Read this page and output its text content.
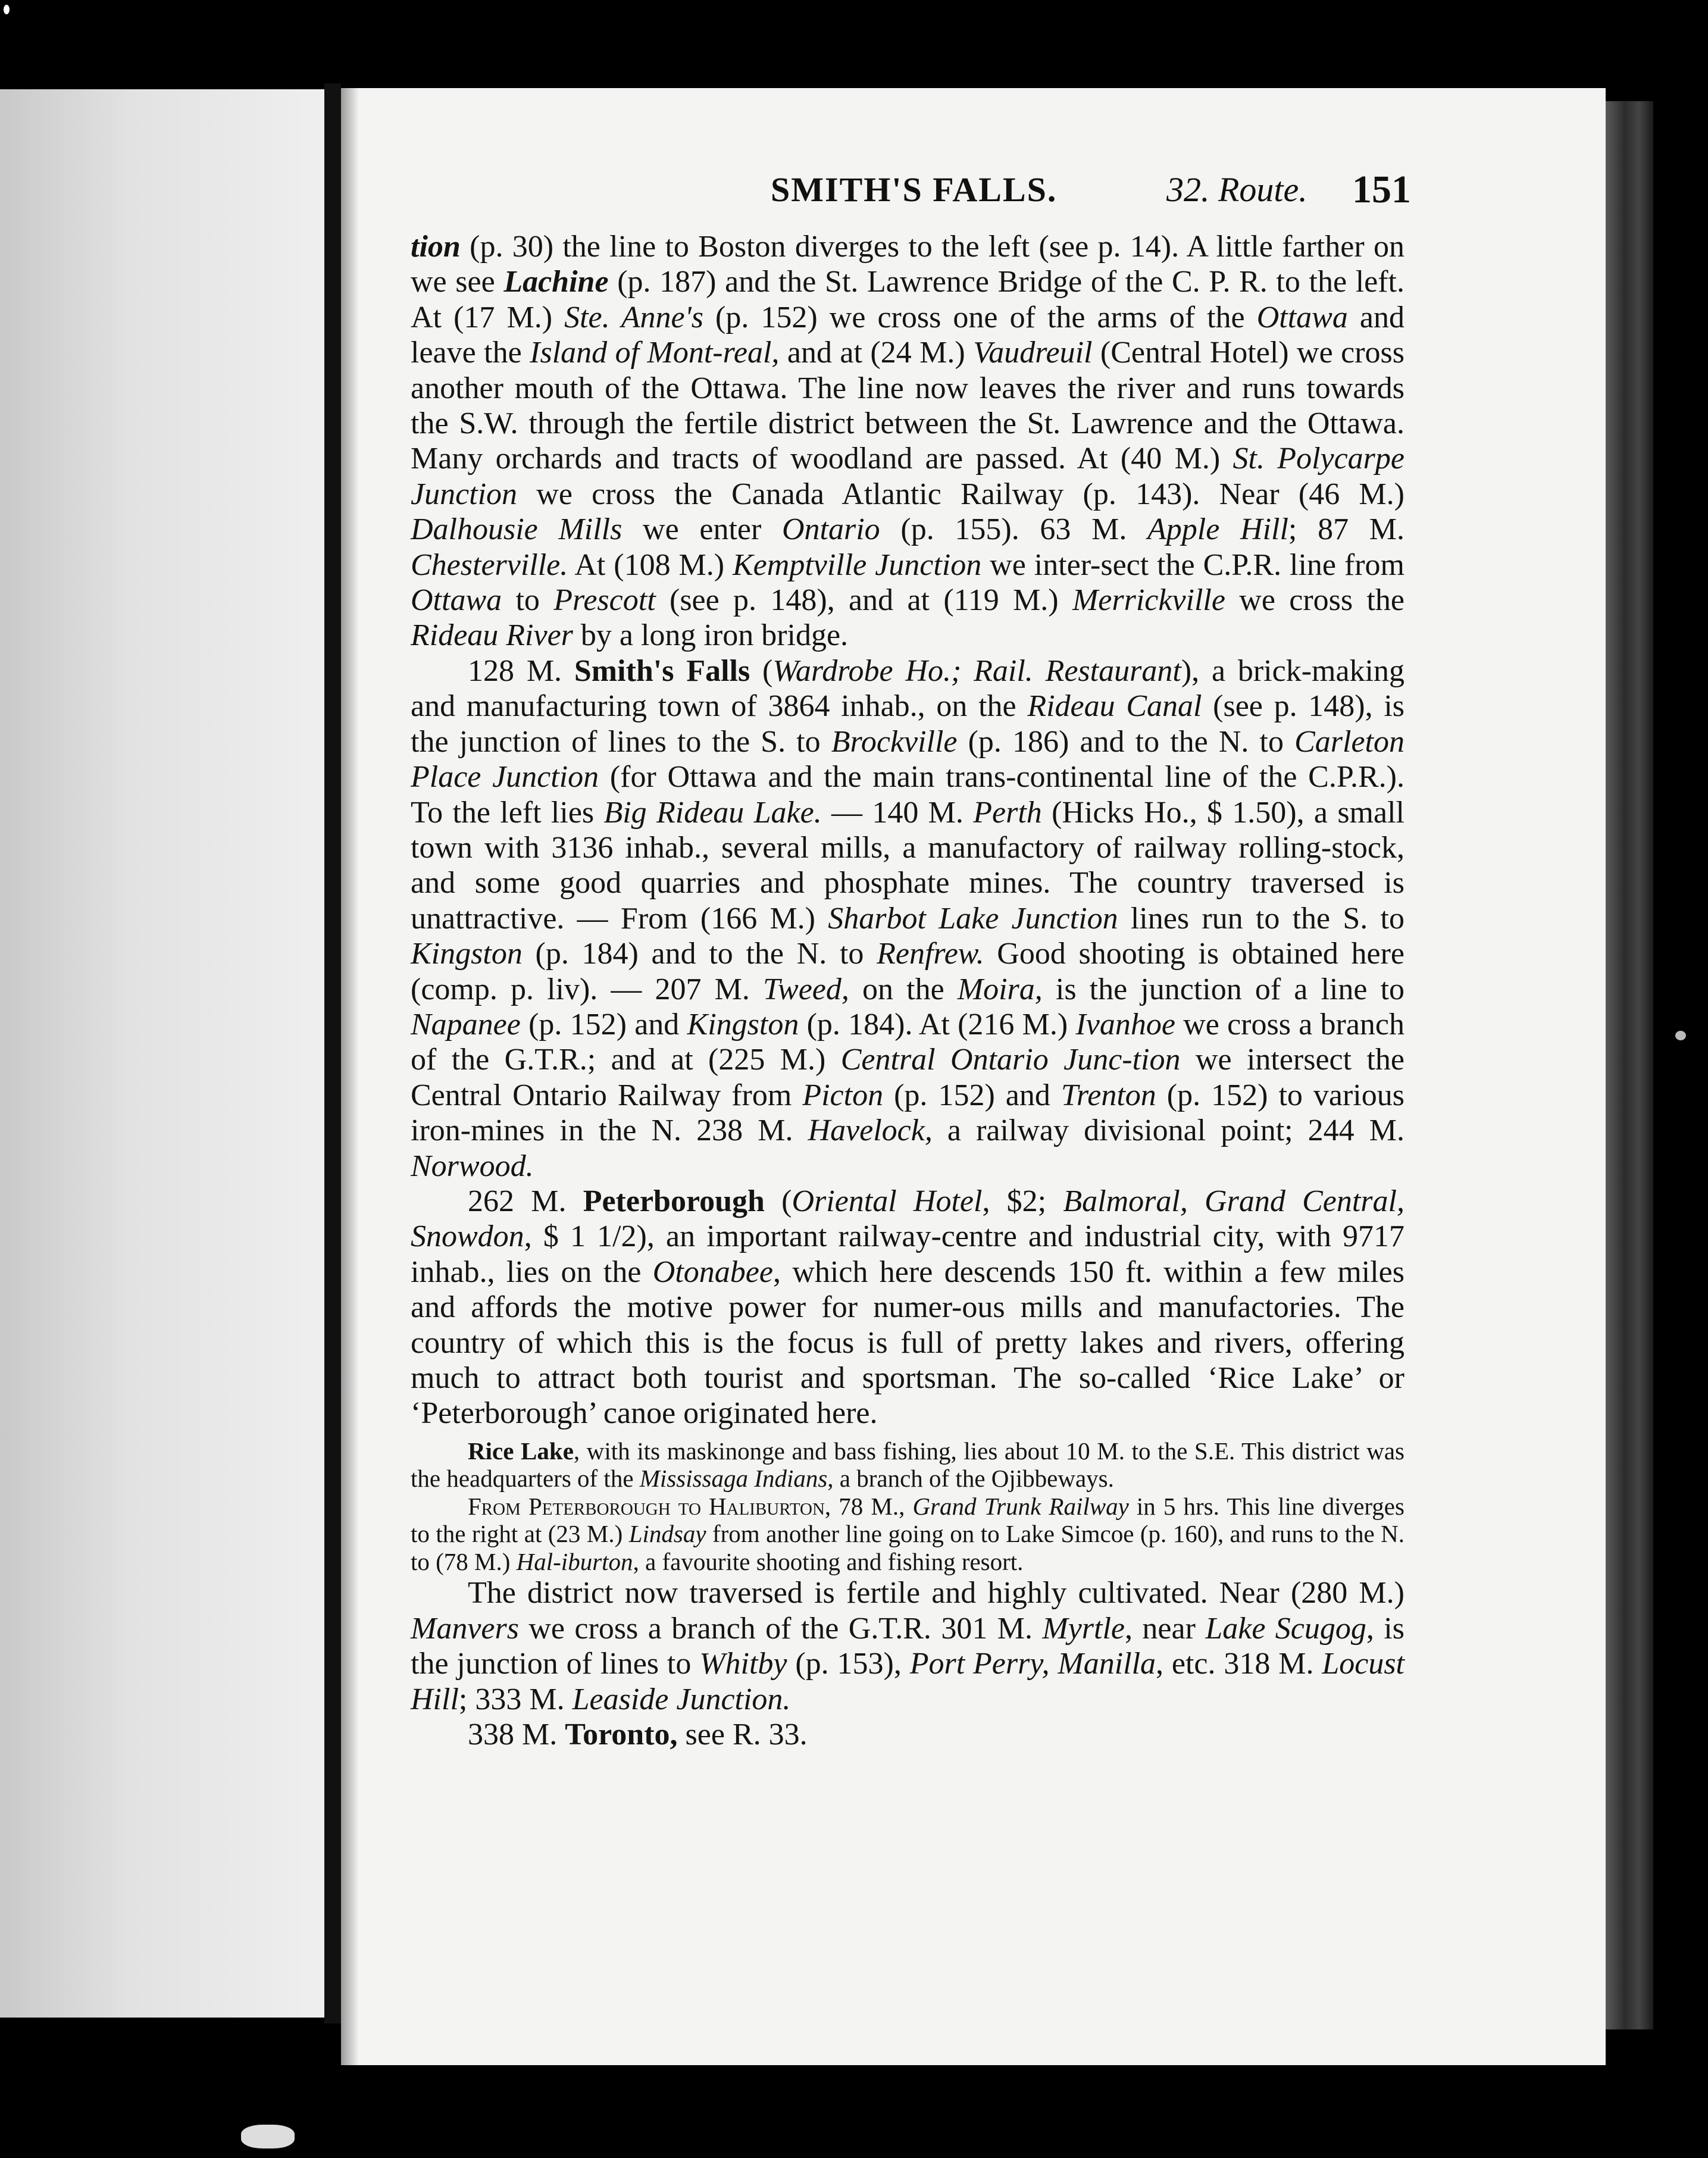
SMITH'S FALLS.	32. Route. 151

tion (p. 30) the line to Boston diverges to the left (see p. 14). A little farther on we see Lachine (p. 187) and the St. Lawrence Bridge of the C. P. R. to the left. At (17 M.) Ste. Anne's (p. 152) we cross one of the arms of the Ottawa and leave the Island of Mont-real, and at (24 M.) Vaudreuil (Central Hotel) we cross another mouth of the Ottawa. The line now leaves the river and runs towards the S.W. through the fertile district between the St. Lawrence and the Ottawa. Many orchards and tracts of woodland are passed. At (40 M.) St. Polycarpe Junction we cross the Canada Atlantic Railway (p. 143). Near (46 M.) Dalhousie Mills we enter Ontario (p. 155). 63 M. Apple Hill; 87 M. Chesterville. At (108 M.) Kemptville Junction we inter-sect the C.P.R. line from Ottawa to Prescott (see p. 148), and at (119 M.) Merrickville we cross the Rideau River by a long iron bridge.

128 M. Smith's Falls (Wardrobe Ho.; Rail. Restaurant), a brick-making and manufacturing town of 3864 inhab., on the Rideau Canal (see p. 148), is the junction of lines to the S. to Brockville (p. 186) and to the N. to Carleton Place Junction (for Ottawa and the main trans-continental line of the C.P.R.). To the left lies Big Rideau Lake. — 140 M. Perth (Hicks Ho., $ 1.50), a small town with 3136 inhab., several mills, a manufactory of railway rolling-stock, and some good quarries and phosphate mines. The country traversed is unattractive. — From (166 M.) Sharbot Lake Junction lines run to the S. to Kingston (p. 184) and to the N. to Renfrew. Good shooting is obtained here (comp. p. liv). — 207 M. Tweed, on the Moira, is the junction of a line to Napanee (p. 152) and Kingston (p. 184). At (216 M.) Ivanhoe we cross a branch of the G.T.R.; and at (225 M.) Central Ontario Junc-tion we intersect the Central Ontario Railway from Picton (p. 152) and Trenton (p. 152) to various iron-mines in the N. 238 M. Havelock, a railway divisional point; 244 M. Norwood.

262 M. Peterborough (Oriental Hotel, $2; Balmoral, Grand Central, Snowdon, $ 1 1/2), an important railway-centre and industrial city, with 9717 inhab., lies on the Otonabee, which here descends 150 ft. within a few miles and affords the motive power for numer-ous mills and manufactories. The country of which this is the focus is full of pretty lakes and rivers, offering much to attract both tourist and sportsman. The so-called ‘Rice Lake’ or ‘Peterborough’ canoe originated here.

Rice Lake, with its maskinonge and bass fishing, lies about 10 M. to the S.E. This district was the headquarters of the Mississaga Indians, a branch of the Ojibbeways.

From Peterborough to Haliburton, 78 M., Grand Trunk Railway in 5 hrs. This line diverges to the right at (23 M.) Lindsay from another line going on to Lake Simcoe (p. 160), and runs to the N. to (78 M.) Hal-iburton, a favourite shooting and fishing resort.

The district now traversed is fertile and highly cultivated. Near (280 M.) Manvers we cross a branch of the G.T.R. 301 M. Myrtle, near Lake Scugog, is the junction of lines to Whitby (p. 153), Port Perry, Manilla, etc. 318 M. Locust Hill; 333 M. Leaside Junction.

338 M. Toronto, see R. 33.
